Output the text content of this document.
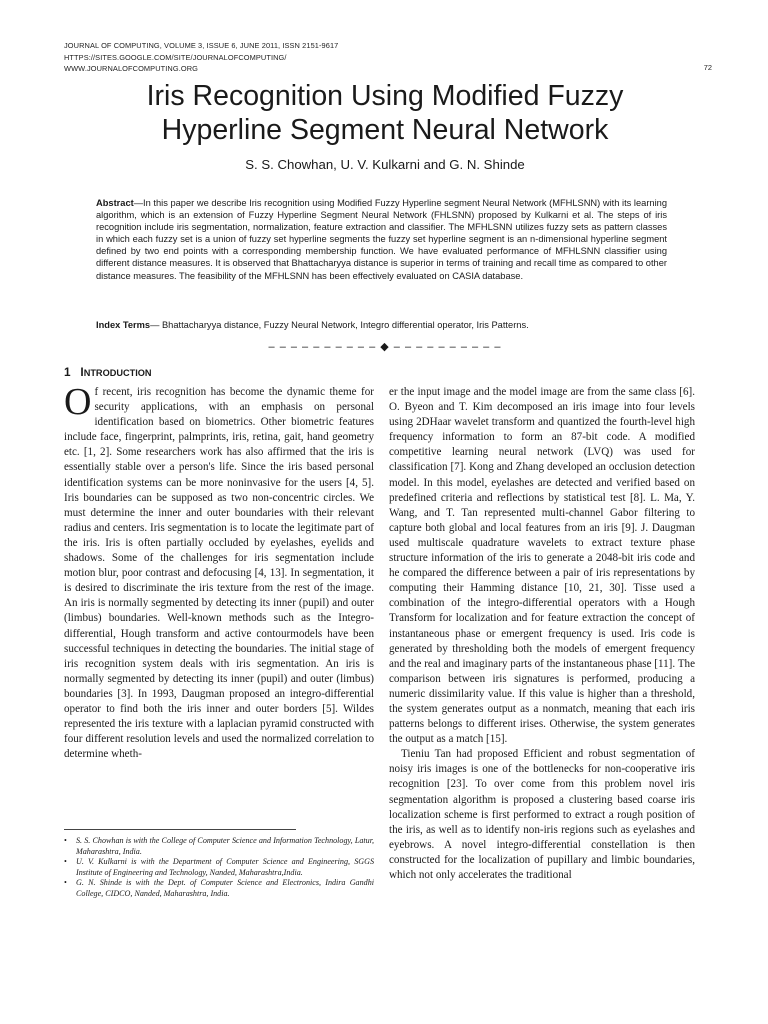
JOURNAL OF COMPUTING, VOLUME 3, ISSUE 6, JUNE 2011, ISSN 2151-9617
HTTPS://SITES.GOOGLE.COM/SITE/JOURNALOFCOMPUTING/
WWW.JOURNALOFCOMPUTING.ORG	72
Iris Recognition Using Modified Fuzzy
Hyperline Segment Neural Network
S. S. Chowhan, U. V. Kulkarni and G. N. Shinde
Abstract—In this paper we describe Iris recognition using Modified Fuzzy Hyperline segment Neural Network (MFHLSNN) with its learning algorithm, which is an extension of Fuzzy Hyperline Segment Neural Network (FHLSNN) proposed by Kulkarni et al. The steps of iris recognition include iris segmentation, normalization, feature extraction and classifier. The MFHLSNN utilizes fuzzy sets as pattern classes in which each fuzzy set is a union of fuzzy set hyperline segments the fuzzy set hyperline segment is an n-dimensional hyperline segment defined by two end points with a corresponding membership function. We have evaluated performance of MFHLSNN classifier using different distance measures. It is observed that Bhattacharyya distance is superior in terms of training and recall time as compared to other distance measures. The feasibility of the MFHLSNN has been effectively evaluated on CASIA database.
Index Terms— Bhattacharyya distance, Fuzzy Neural Network, Integro differential operator, Iris Patterns.
– – – – – – – – – – ◆ – – – – – – – – – –
1 INTRODUCTION

Of recent, iris recognition has become the dynamic theme for security applications, with an emphasis on personal identification based on biometrics. Other biometric features include face, fingerprint, palmprints, iris, retina, gait, hand geometry etc. [1, 2]. Some researchers work has also affirmed that the iris is essentially stable over a person's life. Since the iris based personal identification systems can be more noninvasive for the users [4, 5]. Iris boundaries can be supposed as two non-concentric circles. We must determine the inner and outer boundaries with their relevant radius and centers. Iris segmentation is to locate the legitimate part of the iris. Iris is often partially occluded by eyelashes, eyelids and shadows. Some of the challenges for iris segmentation include motion blur, poor contrast and defocusing [4, 13]. In segmentation, it is desired to discriminate the iris texture from the rest of the image. An iris is normally segmented by detecting its inner (pupil) and outer (limbus) boundaries. Well-known methods such as the Integro-differential, Hough transform and active contourmodels have been successful techniques in detecting the boundaries. The initial stage of iris recognition system deals with iris segmentation. An iris is normally segmented by detecting its inner (pupil) and outer (limbus) boundaries [3]. In 1993, Daugman proposed an integro-differential operator to find both the iris inner and outer borders [5]. Wildes represented the iris texture with a laplacian pyramid constructed with four different resolution levels and used the normalized correlation to determine wheth-

er the input image and the model image are from the same class [6]. O. Byeon and T. Kim decomposed an iris image into four levels using 2DHaar wavelet transform and quantized the fourth-level high frequency information to form an 87-bit code. A modified competitive learning neural network (LVQ) was used for classification [7]. Kong and Zhang developed an occlusion detection model. In this model, eyelashes are detected and verified based on predefined criteria and reflections by statistical test [8]. L. Ma, Y. Wang, and T. Tan represented multi-channel Gabor filtering to capture both global and local features from an iris [9]. J. Daugman used multiscale quadrature wavelets to extract texture phase structure information of the iris to generate a 2048-bit iris code and he compared the difference between a pair of iris representations by computing their Hamming distance [10, 21, 30]. Tisse used a combination of the integro-differential operators with a Hough Transform for localization and for feature extraction the concept of instantaneous phase or emergent frequency is used. Iris code is generated by thresholding both the models of emergent frequency and the real and imaginary parts of the instantaneous phase [11]. The comparison between iris signatures is performed, producing a numeric dissimilarity value. If this value is higher than a threshold, the system generates output as a nonmatch, meaning that each iris patterns belongs to different irises. Otherwise, the system generates the output as a match [15].

Tieniu Tan had proposed Efficient and robust segmentation of noisy iris images is one of the bottlenecks for non-cooperative iris recognition [23]. To over come from this problem novel iris segmentation algorithm is proposed a clustering based coarse iris localization scheme is first performed to extract a rough position of the iris, as well as to identify non-iris regions such as eyelashes and eyebrows. A novel integro-differential constellation is then constructed for the localization of pupillary and limbic boundaries, which not only accelerates the traditional

• S. S. Chowhan is with the College of Computer Science and Information Technology, Latur, Maharashtra, India.
• U. V. Kulkarni is with the Department of Computer Science and Engineering, SGGS Institute of Engineering and Technology, Nanded, Maharashtra,India.
• G. N. Shinde is with the Dept. of Computer Science and Electronics, Indira Gandhi College, CIDCO, Nanded, Maharashtra, India.
